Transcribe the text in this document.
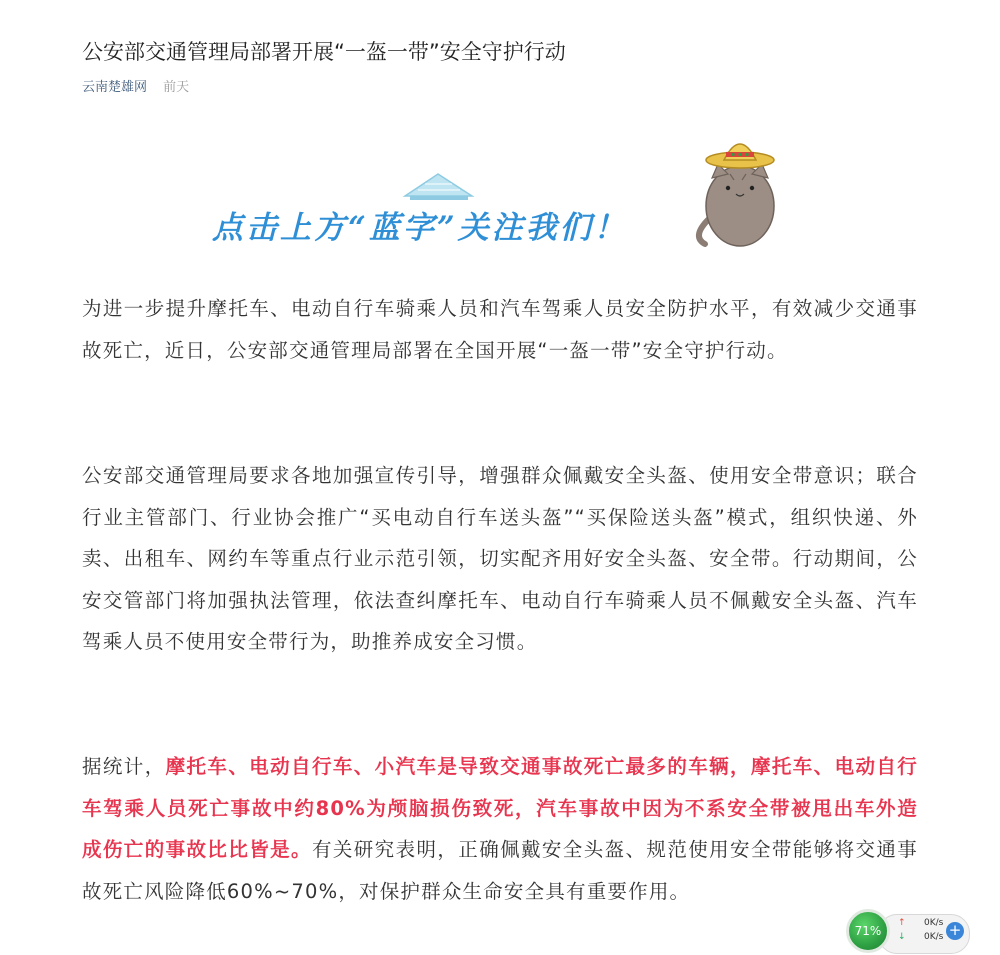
公安部交通管理局部署开展“一盔一带”安全守护行动
云南楚雄网 前天
点击上方“蓝字”关注我们！

为进一步提升摩托车、电动自行车骑乘人员和汽车驾乘人员安全防护水平，有效减少交通事故死亡，近日，公安部交通管理局部署在全国开展“一盔一带”安全守护行动。

公安部交通管理局要求各地加强宣传引导，增强群众佩戴安全头盔、使用安全带意识；联合行业主管部门、行业协会推广“买电动自行车送头盔”“买保险送头盔”模式，组织快递、外卖、出租车、网约车等重点行业示范引领，切实配齐用好安全头盔、安全带。行动期间，公安交管部门将加强执法管理，依法查纠摩托车、电动自行车骑乘人员不佩戴安全头盔、汽车驾乘人员不使用安全带行为，助推养成安全习惯。

据统计，摩托车、电动自行车、小汽车是导致交通事故死亡最多的车辆，摩托车、电动自行车驾乘人员死亡事故中约80%为颅脑损伤致死，汽车事故中因为不系安全带被甩出车外造成伤亡的事故比比皆是。有关研究表明，正确佩戴安全头盔、规范使用安全带能够将交通事故死亡风险降低60%~70%，对保护群众生命安全具有重要作用。

71%
↑ 0K/s
↓ 0K/s +
